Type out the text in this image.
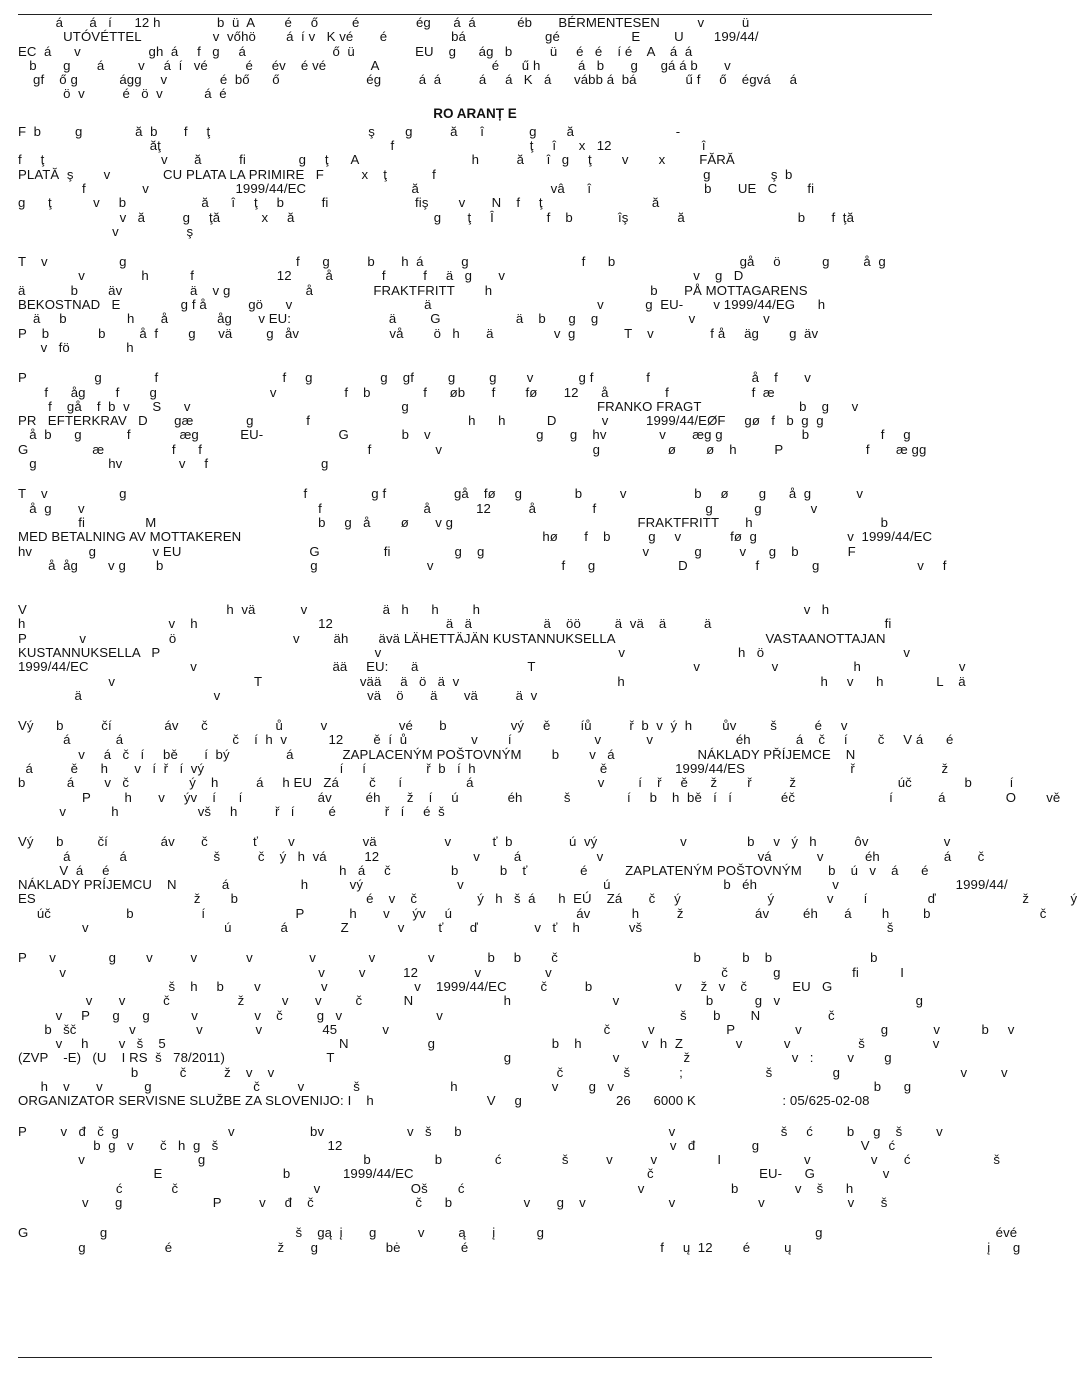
á       á   í      12 h               b  ü  A        é     ő         é               ég      á  á           éb       BÉRMENTESEN          v          ü
UTÓVÉTTEL                   v  vőhö        á  í v   K vé       é                 bá                     gé                   E         U        199/44/
EC  á      v                  gh  á     f   g     á                       ő  ü                EU    g      ág   b          ü     é   é    í é    A    á  á
b       g       á         v     á  í   vé          é     év    é vé            A                              é      ű h          á   b       g      gá á b       v
gf    ő g           ágg     v              é  bő      ő                       ég          á  á          á     á   K   á      vább á  bá             ű f     ő    égvá     á
ö  v          é   ö  v           á  é
RO ARANȚ E
F  b         g              ă  b       f     ţ                                          ş        g          ă      î            g        ă                           -
ăţ                                                             f                                    ţ     î      x   12                        î
f     ţ                               v       ă          fi              g     ţ      A                              h          ă      î   g     ţ        v        x         FĂRĂ
PLATĂ  ş        v              CU PLATA LA PRIMIRE   F          x    ţ            f                                                                       g                ş  b
f               v                       1999/44/EC                            ă                                   vâ      î                              b       UE   C        fi
g      ţ           v     b                    ă      î     ţ     b          fi                       fiş        v       N    f     ţ                             ă
v   ă          g     ţă           x     ă                                     g       ţ     Î              f    b            îş             ă                              b       f  ţă
v                  ş
T    v                   g                                             f      g          b       h  á          g                              f      b                                 gå     ö           g         å  g
v               h           f                      12         å             f          f     ä   g       v                                                  v    g   D
ä            b        äv                  ä    v g                    å                FRAKTFRITT        h                                          b       PÅ MOTTAGARENS
BEKOSTNAD   E                g f å           gö      v                                   ä                                            v           g  EU-        v 1999/44/EG      h
ä     b                h       å             åg       v EU:                          ä         G                    ä    b      g    g                        v                  v
P    b             b         å  f        g      vä         g   åv                        vå        ö   h       ä                v  g             T    v               f å     äg        g  äv
v   fö               h
P                  g              f                                 f     g                  g    gf         g         g        v            g f              f                           å    f       v
f      åg        f        g                              v                  f    b              f      øb       f        fø       12      å               f                      f  æ
f    gå    f  b  v      S      v                                                        g                                                  FRANKO FRAGT                          b    g      v
PR   EFTERKRAV   D       gæ              g              f                                          h      h           D            v          1999/44/EØF     gø   f   b  g  g
å  b      g            f             æg           EU-                    G              b    v                            g       g    hv              v       æg g                     b                   f     g
G                 æ                  f      f                                            f                 v                                        g                  ø        ø    h          P                      f       æ gg
g                   hv               v     f                              g
T    v                   g                                               f                 g f                  gå    fø     g              b          v                  b     ø        g      å  g            v
å  g       v                                                              f                           å            12          å               f                             g           g             v
fi                M                                           b     g   å        ø       v g                                                 FRAKTFRITT       h                                  b
MED BETALNING AV MOTTAKEREN                                                                                hø       f    b          g     v             fø  g                        v  1999/44/EC
hv               g               v EU                                  G                 fi                 g    g                                          v            g          v      g    b             F
å  åg        v g        b                                       g                             v                                  f      g                      D                  f              g                          v     f
V                                                     h  vä            v                    ä   h      h         h                                                                                      v   h
h                                      v    h                                12                              ä   ä                   ä    öö         ä  vä    ä          ä                                              fi
P              v                      ö                               v         äh        ävä LÄHETTÄJÄN KUSTANNUKSELLA                                        VASTAANOTTAJAN
KUSTANNUKSELLA   P                                                         v                                                               v                              h   ö                                     v
1999/44/EC                           v                                    ää     EU:      ä                             T                                          v                   v                    h                          v
v                                     T                          vää     ä   ö   ä  v                                          h                                                    h     v      h              L    ä
ä                                   v                                       vä    ö       ä       vä          ä  v
Vý      b          čí              áv      č                  ů          v                   vé       b                 vý     ě        íů          ř  b  v  ý  h        ův         š          é     v
á            á                             č    í  h  v           12        ě  í  ů                 v        í                      v            v                      éh            á    č     í        č     V á      é
v     á   č   í     bě       í  bý               á             ZAPLACENÝM POŠTOVNÝM        b        v   á                      NÁKLADY PŘÍJEMCE    N
á          ě      h       v   í  ř   í  vý                                    í     í                ř  b   í  h                                 ě                  1999/44/ES                            ř                       ž
b           á        v   č                ý    h          á     h EU   Zá        č      í                 á                                 v         í    ř     ě      ž        ř          ž                           úč              b          í
P         h       v     ýv    í      í                    áv         éh       ž    í     ú             éh           š               í     b    h  bě   í   í             éč                         í            á                O        vě
v            h                     vš     h          ř   í         é             ř   í     é  š
Vý      b         čí              áv       č            ť        v                  vä                  v           ť  b               ú  vý                      v                b     v   ý   h          ôv                    v
á             á                       š          č    ý   h  vá          12                         v         á                    v                                         vá            v           éh                 á       č
V  á     é                                                             h   á     č                b           b    ť              é          ZAPLATENÝM POŠTOVNÝM       b    ú   v    á      é
NÁKLADY PRÍJEMCU    N            á                   h           vý                         v                                     ú                              b   éh                    v                               1999/44/
ES                                          ž        b                                  é    v    č                ý   h   š  á      h  EÚ    Zá       č     ý                       ý              v        í                ď                       ž           ý
úč                    b                  í                        P            h       v      ýv     ú                                 áv           h          ž                   áv         éh       á        h         b                             č
v                                    ú             á              Z             v         ť       ď               v   ť    h             vš                                                                 š
P      v              g        v          v             v               v              v              v              b     b        č                                    b           b    b                          b
v                                                                   v         v          12               v                 v                                             č            g                   fi           I
š    h     b        v                v                       v    1999/44/EC         č          b                      v     ž   v    č            EU   G
v       v          č                  ž          v       v         č           N                        h                           v                       b           g   v                                    g
v     P      g      g           v               v    č         g   v                         v                                                               š       b        N                  č
b   šč              v                v              v                45            v                                                         č          v                   P                v                     g            v           b     v
v     h        v   š    5                                              N                     g                               b    h                v   h  Z              v           v                  š                  v
(ZVP    -E)   (U    I RS  š   78/2011)                           T                                             g                           v                 ž                           v   :         v        g
b           č          ž    v    v                                                                           č                š             ;                      š                g                                v         v
h    v       v           g                           č          v             š                        h                         v        g   v                                                                     b      g
ORGANIZATOR SERVISNE SLUŽBE ZA SLOVENIJO: I    h                              V     g                         26      6000 K                       : 05/625-02-08
P         v   đ   č  g                             v                    bv                      v   š      b                                                       v                            š     ć         b     g    š         v
b  g   v       č   h  g   š                             12                                                                                       v   đ               g                           V     ć
v                              g                                          b                 b              ć                š          v          v                I                      v                v       ć                      š
E                                b              1999/44/EC                                                              č                            EU-      G                  v
ć             č                                    v                        Oš        ć                                              v                       b               v    š      h
v       g                        P          v     đ    č                           č      b                   v       g    v                      v                      v                      v       š
G                   g                                                  š    gą  į       g           v         ą       į           g                                                                        g                                              évé
g                     é                            ž       g                  bė                é                                                   f     ų  12        é         ų                                                    į      g
